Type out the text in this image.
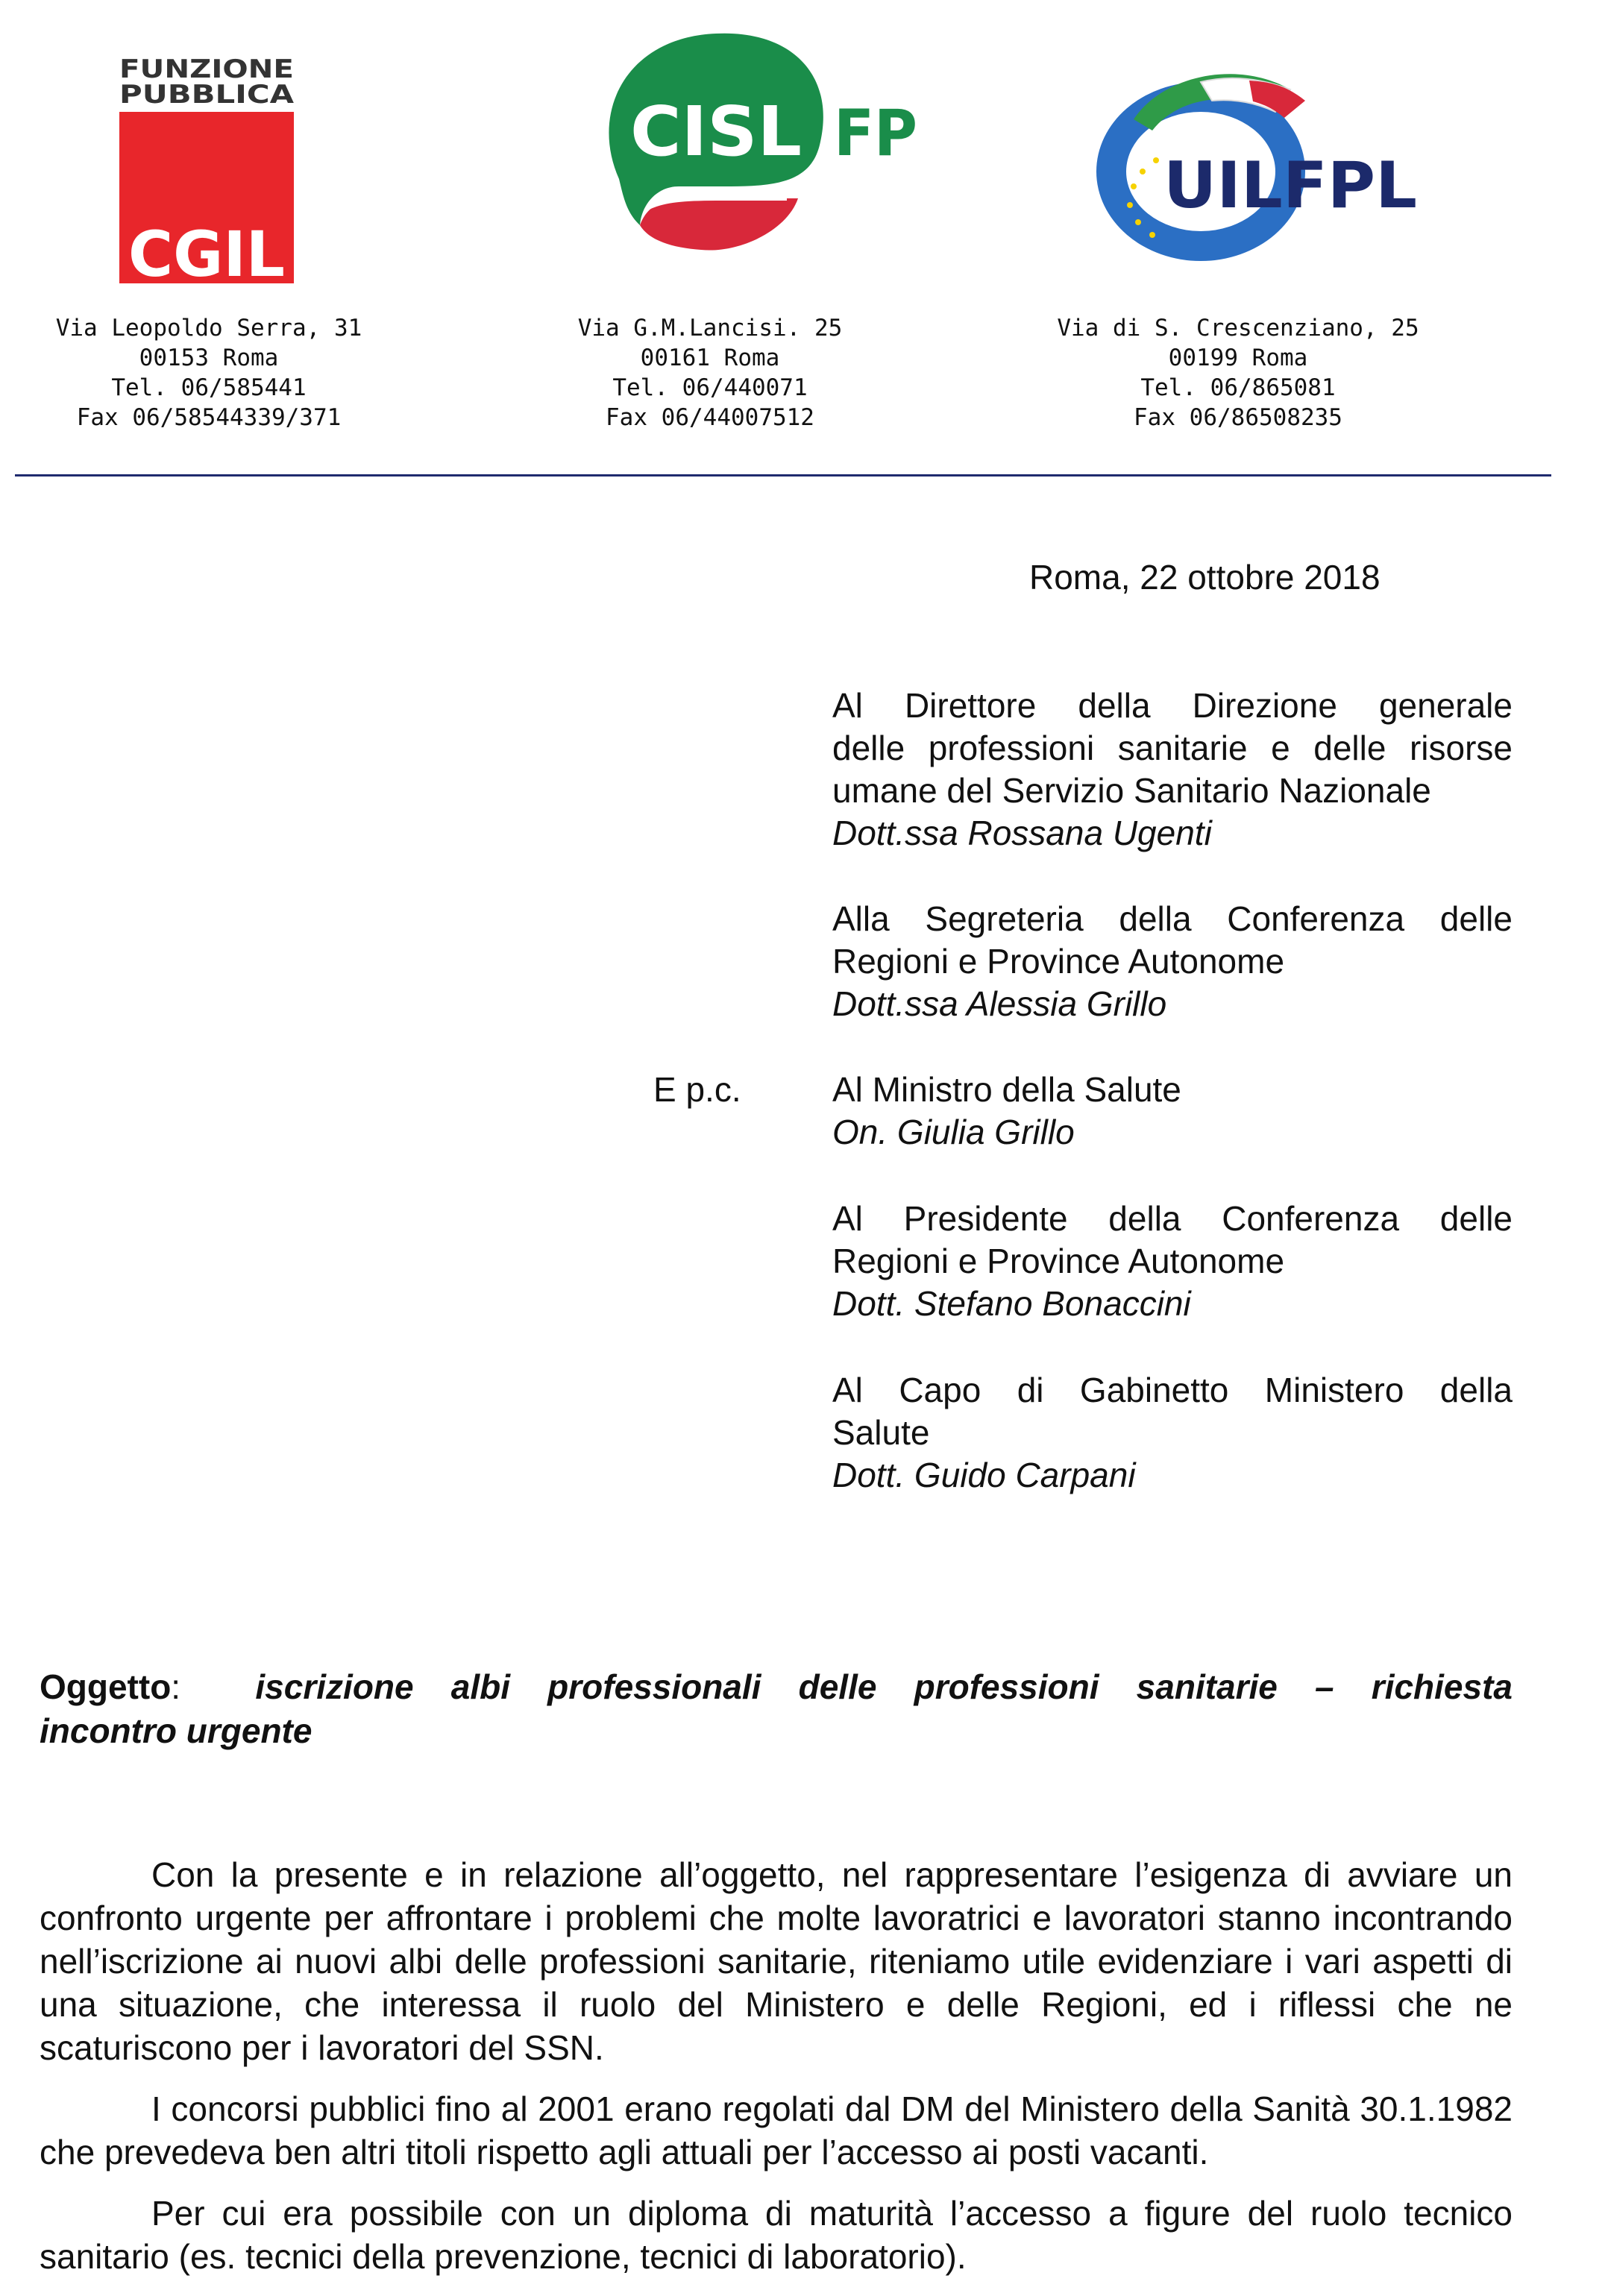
FUNZIONE
PUBBLICA
CGIL
CISL FP
UILFPL
Via Leopoldo Serra, 31
00153 Roma
Tel. 06/585441
Fax 06/58544339/371
Via G.M.Lancisi. 25
00161 Roma
Tel. 06/440071
Fax 06/44007512
Via di S. Crescenziano, 25
00199 Roma
Tel. 06/865081
Fax 06/86508235
Roma, 22 ottobre 2018
Al Direttore della Direzione generale
delle professioni sanitarie e delle risorse
umane del Servizio Sanitario Nazionale
Dott.ssa Rossana Ugenti
Alla Segreteria della Conferenza delle
Regioni e Province Autonome
Dott.ssa Alessia Grillo
E p.c.	Al Ministro della Salute
On. Giulia Grillo
Al Presidente della Conferenza delle
Regioni e Province Autonome
Dott. Stefano Bonaccini
Al Capo di Gabinetto Ministero della
Salute
Dott. Guido Carpani
Oggetto: iscrizione albi professionali delle professioni sanitarie – richiesta
incontro urgente

Con la presente e in relazione all’oggetto, nel rappresentare l’esigenza di avviare un confronto urgente per affrontare i problemi che molte lavoratrici e lavoratori stanno incontrando nell’iscrizione ai nuovi albi delle professioni sanitarie, riteniamo utile evidenziare i vari aspetti di una situazione, che interessa il ruolo del Ministero e delle Regioni, ed i riflessi che ne scaturiscono per i lavoratori del SSN.

I concorsi pubblici fino al 2001 erano regolati dal DM del Ministero della Sanità 30.1.1982 che prevedeva ben altri titoli rispetto agli attuali per l’accesso ai posti vacanti.

Per cui era possibile con un diploma di maturità l’accesso a figure del ruolo tecnico sanitario (es. tecnici della prevenzione, tecnici di laboratorio).
